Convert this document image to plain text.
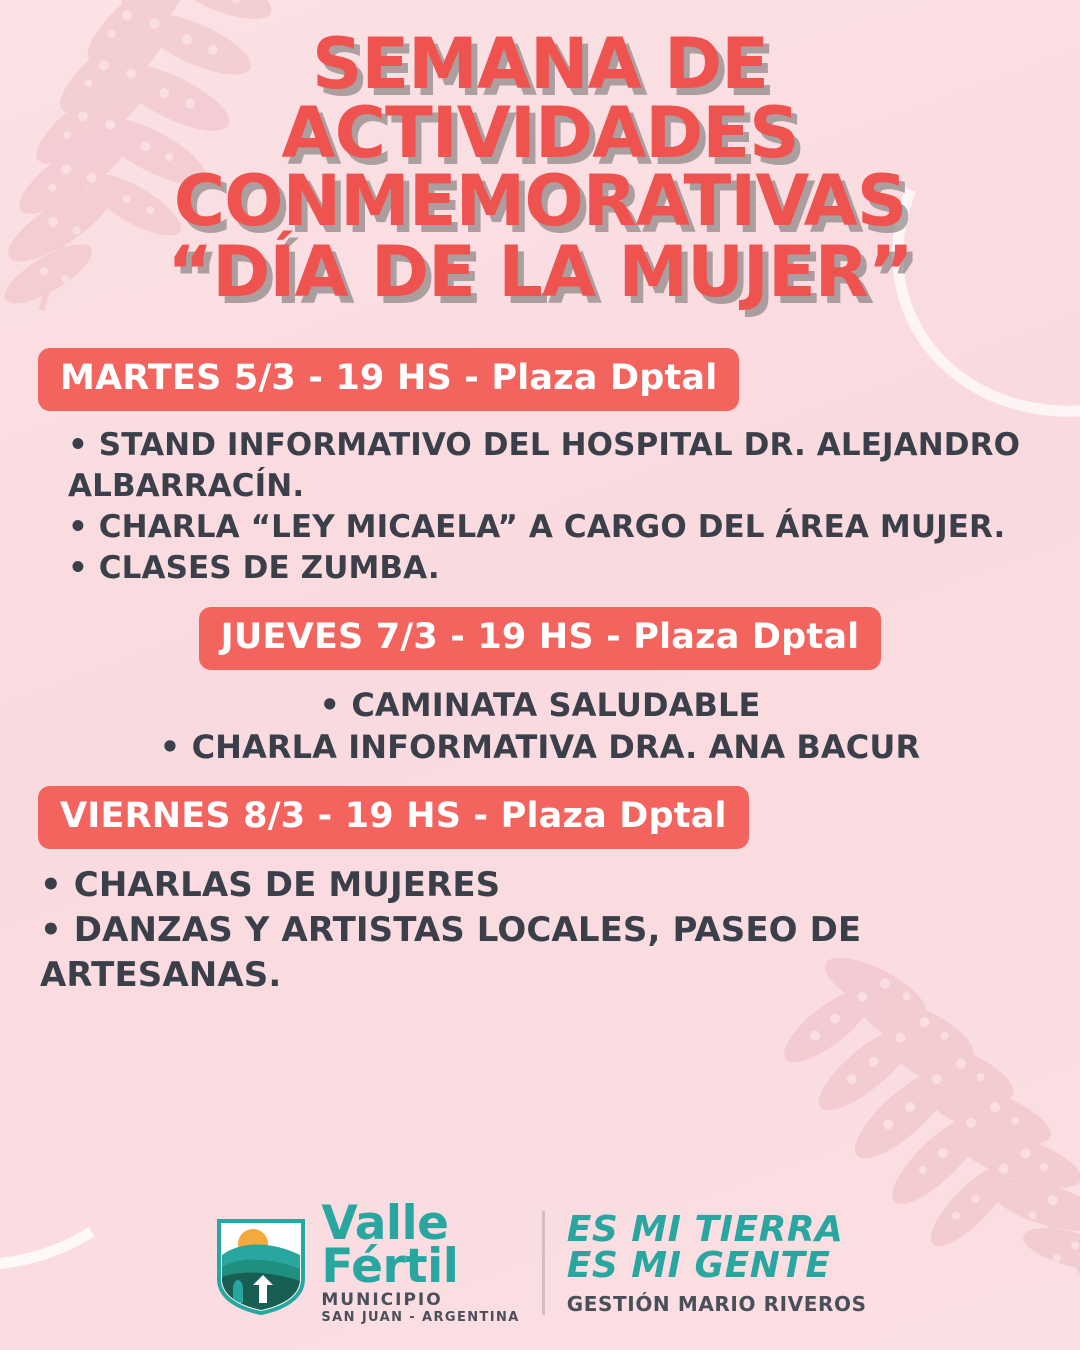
SEMANA DE
ACTIVIDADES
CONMEMORATIVAS
“DÍA DE LA MUJER”
MARTES 5/3 - 19 HS - Plaza Dptal
• STAND INFORMATIVO DEL HOSPITAL DR. ALEJANDRO ALBARRACÍN.
• CHARLA “LEY MICAELA” A CARGO DEL ÁREA MUJER.
• CLASES DE ZUMBA.
JUEVES 7/3 - 19 HS - Plaza Dptal
• CAMINATA SALUDABLE
• CHARLA INFORMATIVA DRA. ANA BACUR
VIERNES 8/3 - 19 HS - Plaza Dptal
• CHARLAS DE MUJERES
• DANZAS Y ARTISTAS LOCALES, PASEO DE ARTESANAS.
Valle
Fértil
MUNICIPIO
SAN JUAN - ARGENTINA
ES MI TIERRA
ES MI GENTE
GESTIÓN MARIO RIVEROS
